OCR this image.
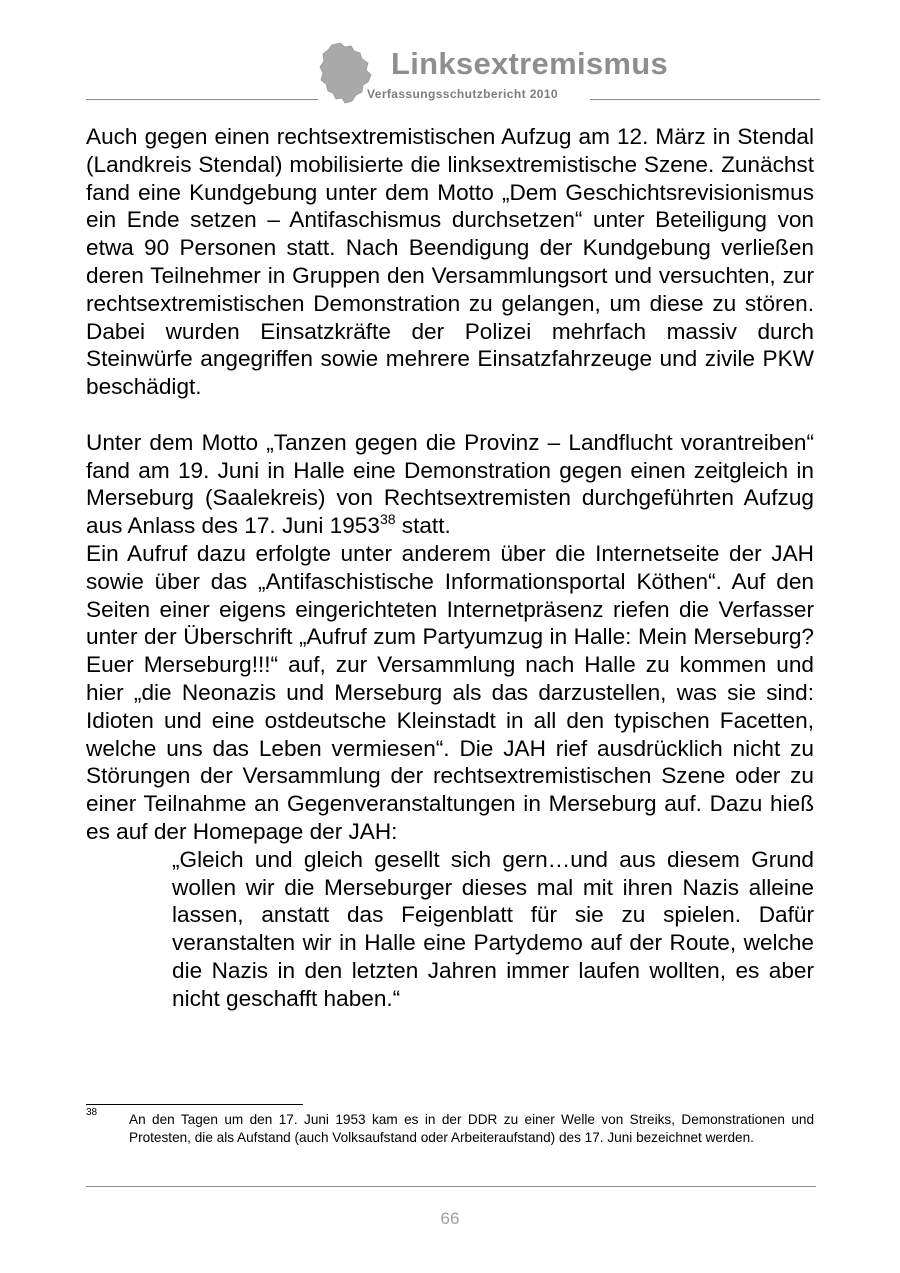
Linksextremismus
Verfassungsschutzbericht 2010

Auch gegen einen rechtsextremistischen Aufzug am 12. März in Stendal (Landkreis Stendal) mobilisierte die linksextremistische Szene. Zunächst fand eine Kundgebung unter dem Motto „Dem Geschichtsrevisionismus ein Ende setzen – Antifaschismus durchsetzen“ unter Beteiligung von etwa 90 Personen statt. Nach Beendigung der Kundgebung verließen deren Teilnehmer in Gruppen den Versammlungsort und versuchten, zur rechtsextremistischen Demonstration zu gelangen, um diese zu stören. Dabei wurden Einsatzkräfte der Polizei mehrfach massiv durch Steinwürfe angegriffen sowie mehrere Einsatzfahrzeuge und zivile PKW beschädigt.

Unter dem Motto „Tanzen gegen die Provinz – Landflucht vorantreiben“ fand am 19. Juni in Halle eine Demonstration gegen einen zeitgleich in Merseburg (Saalekreis) von Rechtsextremisten durchgeführten Aufzug aus Anlass des 17. Juni 1953$^{38}$ statt.

Ein Aufruf dazu erfolgte unter anderem über die Internetseite der JAH sowie über das „Antifaschistische Informationsportal Köthen“. Auf den Seiten einer eigens eingerichteten Internetpräsenz riefen die Verfasser unter der Überschrift „Aufruf zum Partyumzug in Halle: Mein Merseburg? Euer Merseburg!!!“ auf, zur Versammlung nach Halle zu kommen und hier „die Neonazis und Merseburg als das darzustellen, was sie sind: Idioten und eine ostdeutsche Kleinstadt in all den typischen Facetten, welche uns das Leben vermiesen“. Die JAH rief ausdrücklich nicht zu Störungen der Versammlung der rechtsextremistischen Szene oder zu einer Teilnahme an Gegenveranstaltungen in Merseburg auf. Dazu hieß es auf der Homepage der JAH:

„Gleich und gleich gesellt sich gern…und aus diesem Grund wollen wir die Merseburger dieses mal mit ihren Nazis alleine lassen, anstatt das Feigenblatt für sie zu spielen. Dafür veranstalten wir in Halle eine Partydemo auf der Route, welche die Nazis in den letzten Jahren immer laufen wollten, es aber nicht geschafft haben.“

38 An den Tagen um den 17. Juni 1953 kam es in der DDR zu einer Welle von Streiks, Demonstrationen und Protesten, die als Aufstand (auch Volksaufstand oder Arbeiteraufstand) des 17. Juni bezeichnet werden.

66
